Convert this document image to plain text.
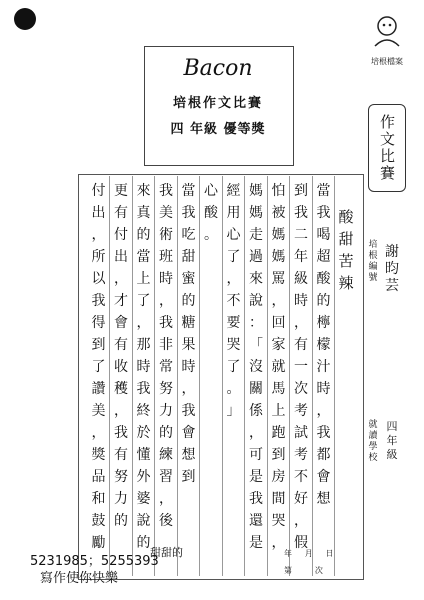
Bacon
培根作文比賽
四 年級 優等獎
培根檔案
作文比賽
酸
甜
苦
辣
當
我
喝
超
酸
的
檸
檬
汁
時
，
我
都
會
想
到
我
二
年
級
時
，
有
一
次
考
試
考
不
好
，
假
怕
被
媽
媽
罵
，
回
家
就
馬
上
跑
到
房
間
哭
，
媽
媽
走
過
來
說
：
「
沒
關
係
，
可
是
我
還
是
經
用
心
了
，
不
要
哭
了
。
」
心
酸
。
當
我
吃
甜
蜜
的
糖
果
時
，
我
會
想
到
我
美
術
班
時
，
我
非
常
努
力
的
練
習
，
後
來
真
的
當
上
了
，
那
時
我
終
於
懂
外
婆
說
的
更
有
付
出
，
才
會
有
收
穫
，
我
有
努
力
的
付
出
，
所
以
我
得
到
了
讚
美
，
獎
品
和
鼓
勵
培
根
編
號
謝
昀
芸
就
讀
學
校
四
年
級
年 月 日
第	次
5231985；5255393
寫作使你快樂
甜甜的
